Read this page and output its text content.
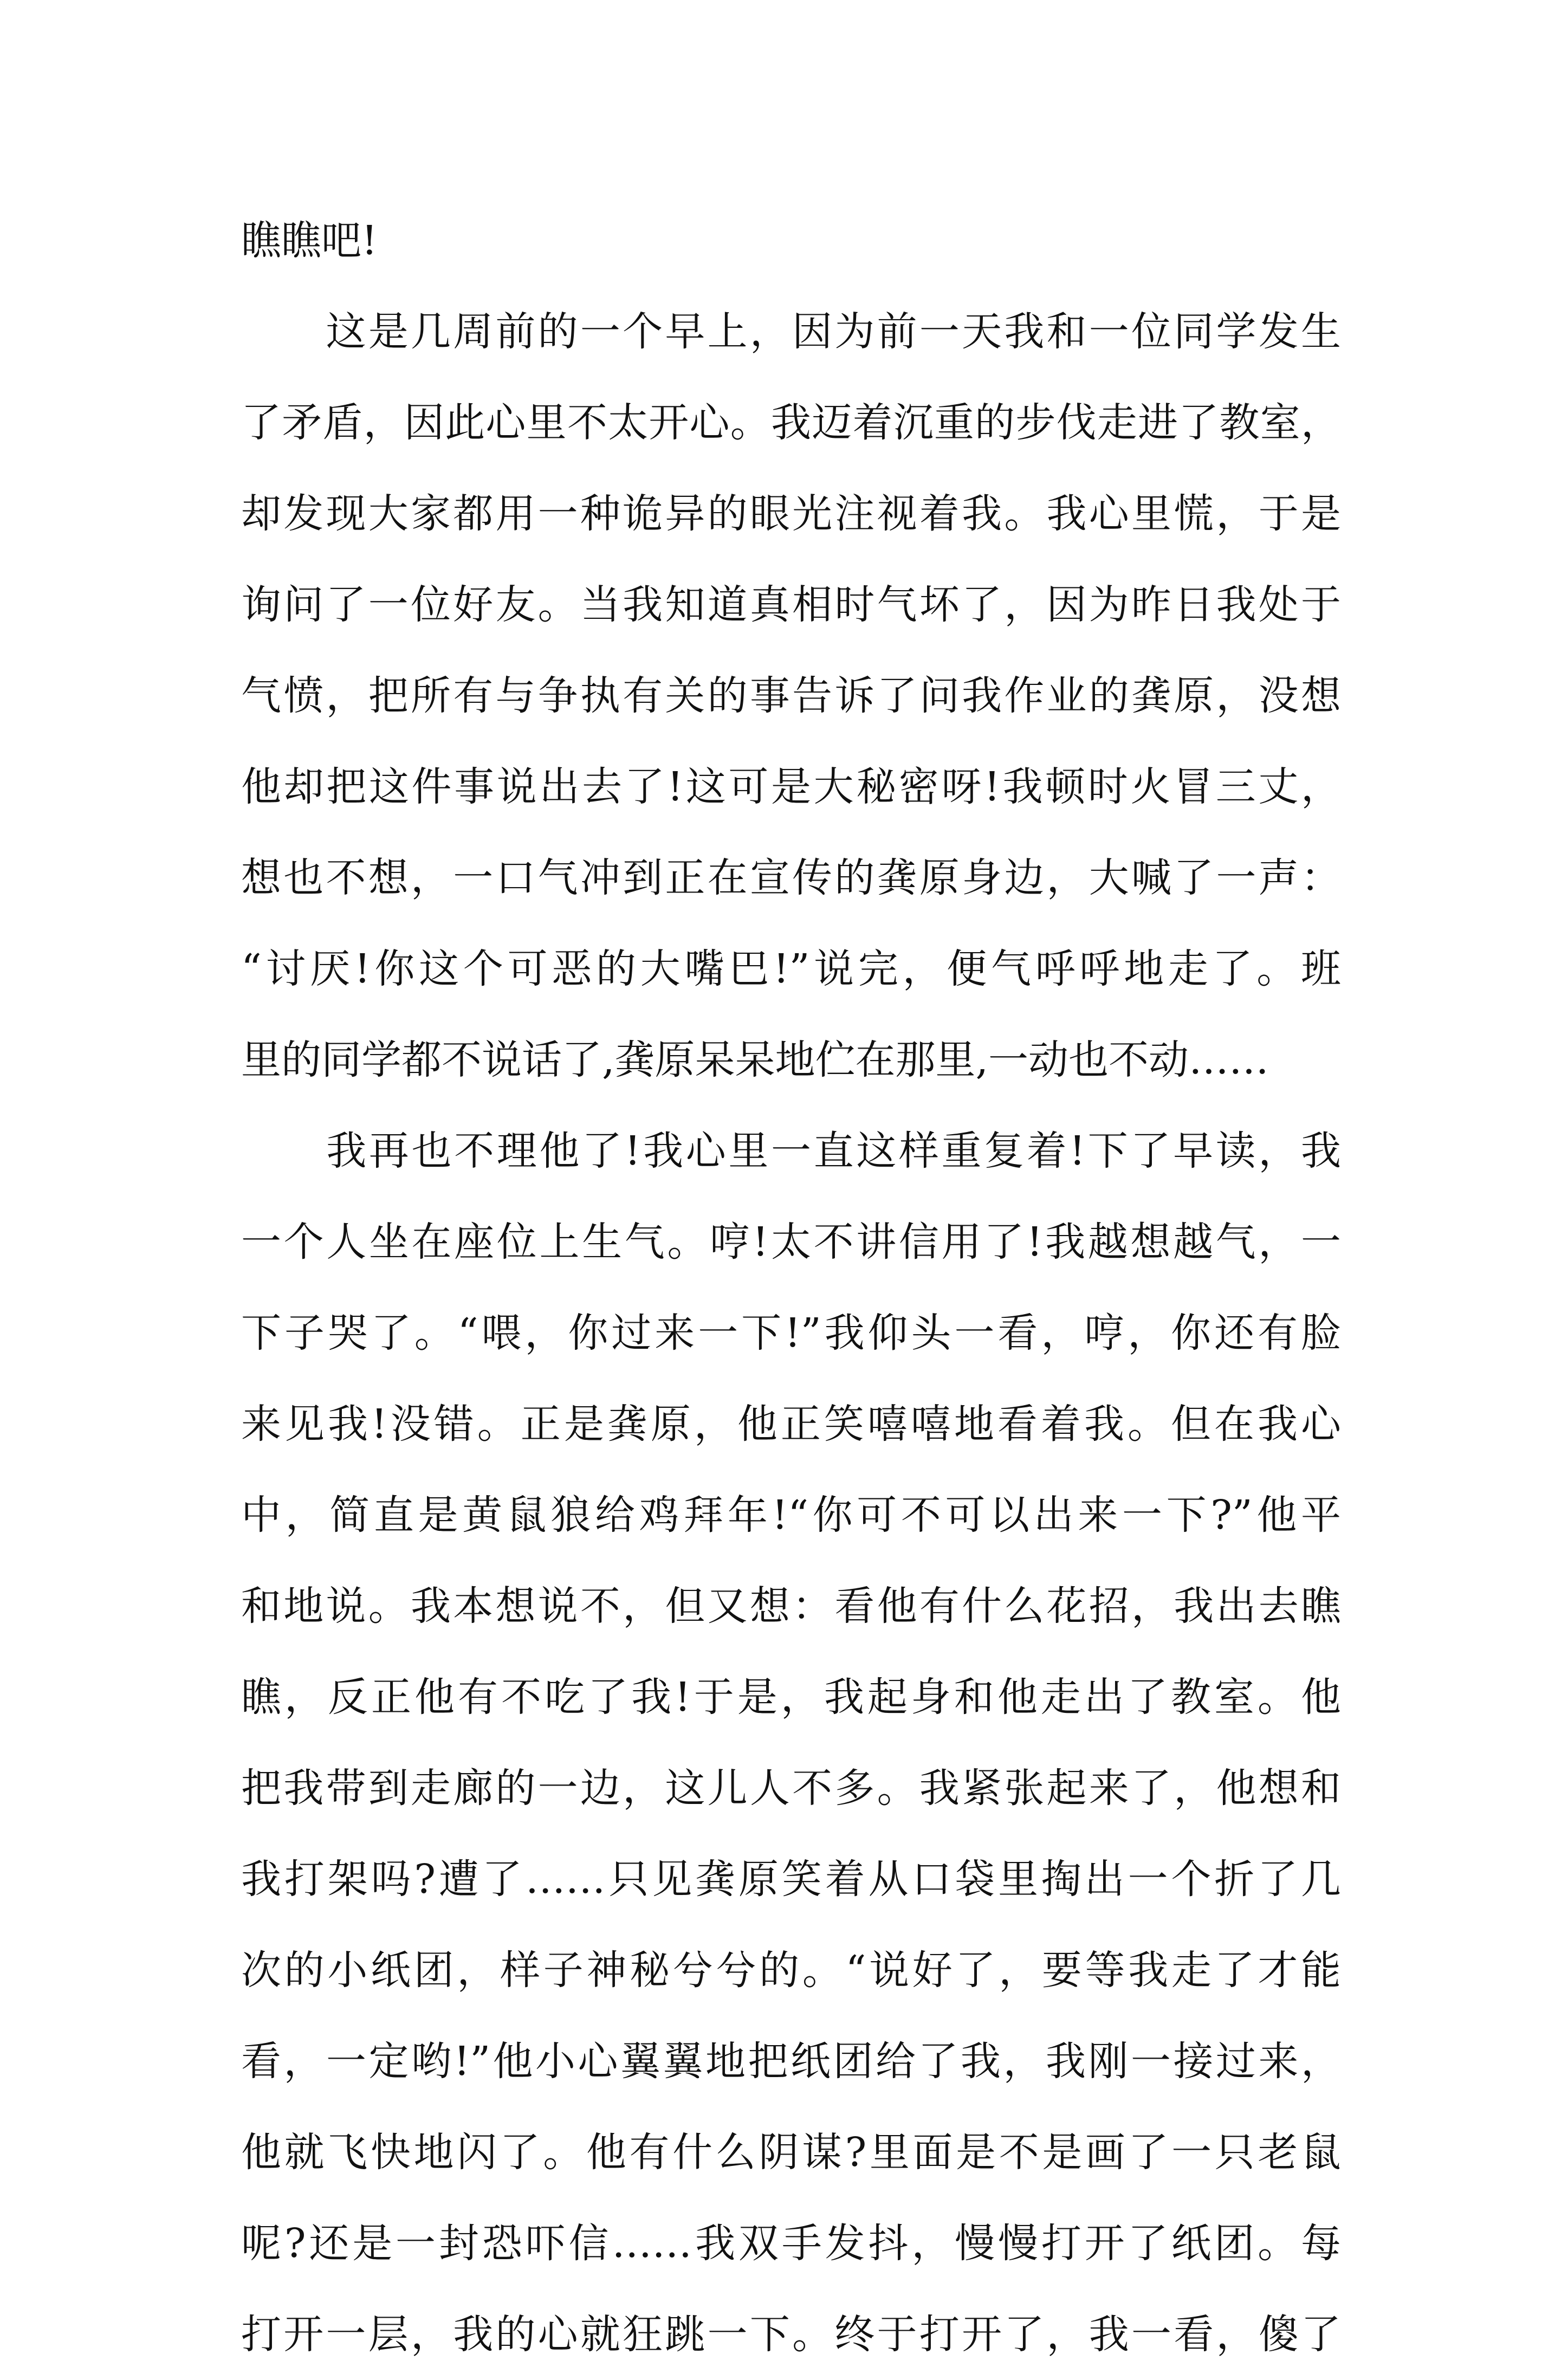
瞧瞧吧!
　　这是几周前的一个早上，因为前一天我和一位同学发生
了矛盾，因此心里不太开心。我迈着沉重的步伐走进了教室，
却发现大家都用一种诡异的眼光注视着我。我心里慌，于是
询问了一位好友。当我知道真相时气坏了，因为昨日我处于
气愤，把所有与争执有关的事告诉了问我作业的龚原，没想
他却把这件事说出去了!这可是大秘密呀!我顿时火冒三丈，
想也不想，一口气冲到正在宣传的龚原身边，大喊了一声：
“讨厌!你这个可恶的大嘴巴!”说完，便气呼呼地走了。班
里的同学都不说话了,龚原呆呆地伫在那里,一动也不动……
　　我再也不理他了!我心里一直这样重复着!下了早读，我
一个人坐在座位上生气。哼!太不讲信用了!我越想越气，一
下子哭了。“喂，你过来一下!”我仰头一看，哼，你还有脸
来见我!没错。正是龚原，他正笑嘻嘻地看着我。但在我心
中，简直是黄鼠狼给鸡拜年!“你可不可以出来一下?”他平
和地说。我本想说不，但又想：看他有什么花招，我出去瞧
瞧，反正他有不吃了我!于是，我起身和他走出了教室。他
把我带到走廊的一边，这儿人不多。我紧张起来了，他想和
我打架吗?遭了……只见龚原笑着从口袋里掏出一个折了几
次的小纸团，样子神秘兮兮的。“说好了，要等我走了才能
看，一定哟!”他小心翼翼地把纸团给了我，我刚一接过来，
他就飞快地闪了。他有什么阴谋?里面是不是画了一只老鼠
呢?还是一封恐吓信……我双手发抖，慢慢打开了纸团。每
打开一层，我的心就狂跳一下。终于打开了，我一看，傻了
